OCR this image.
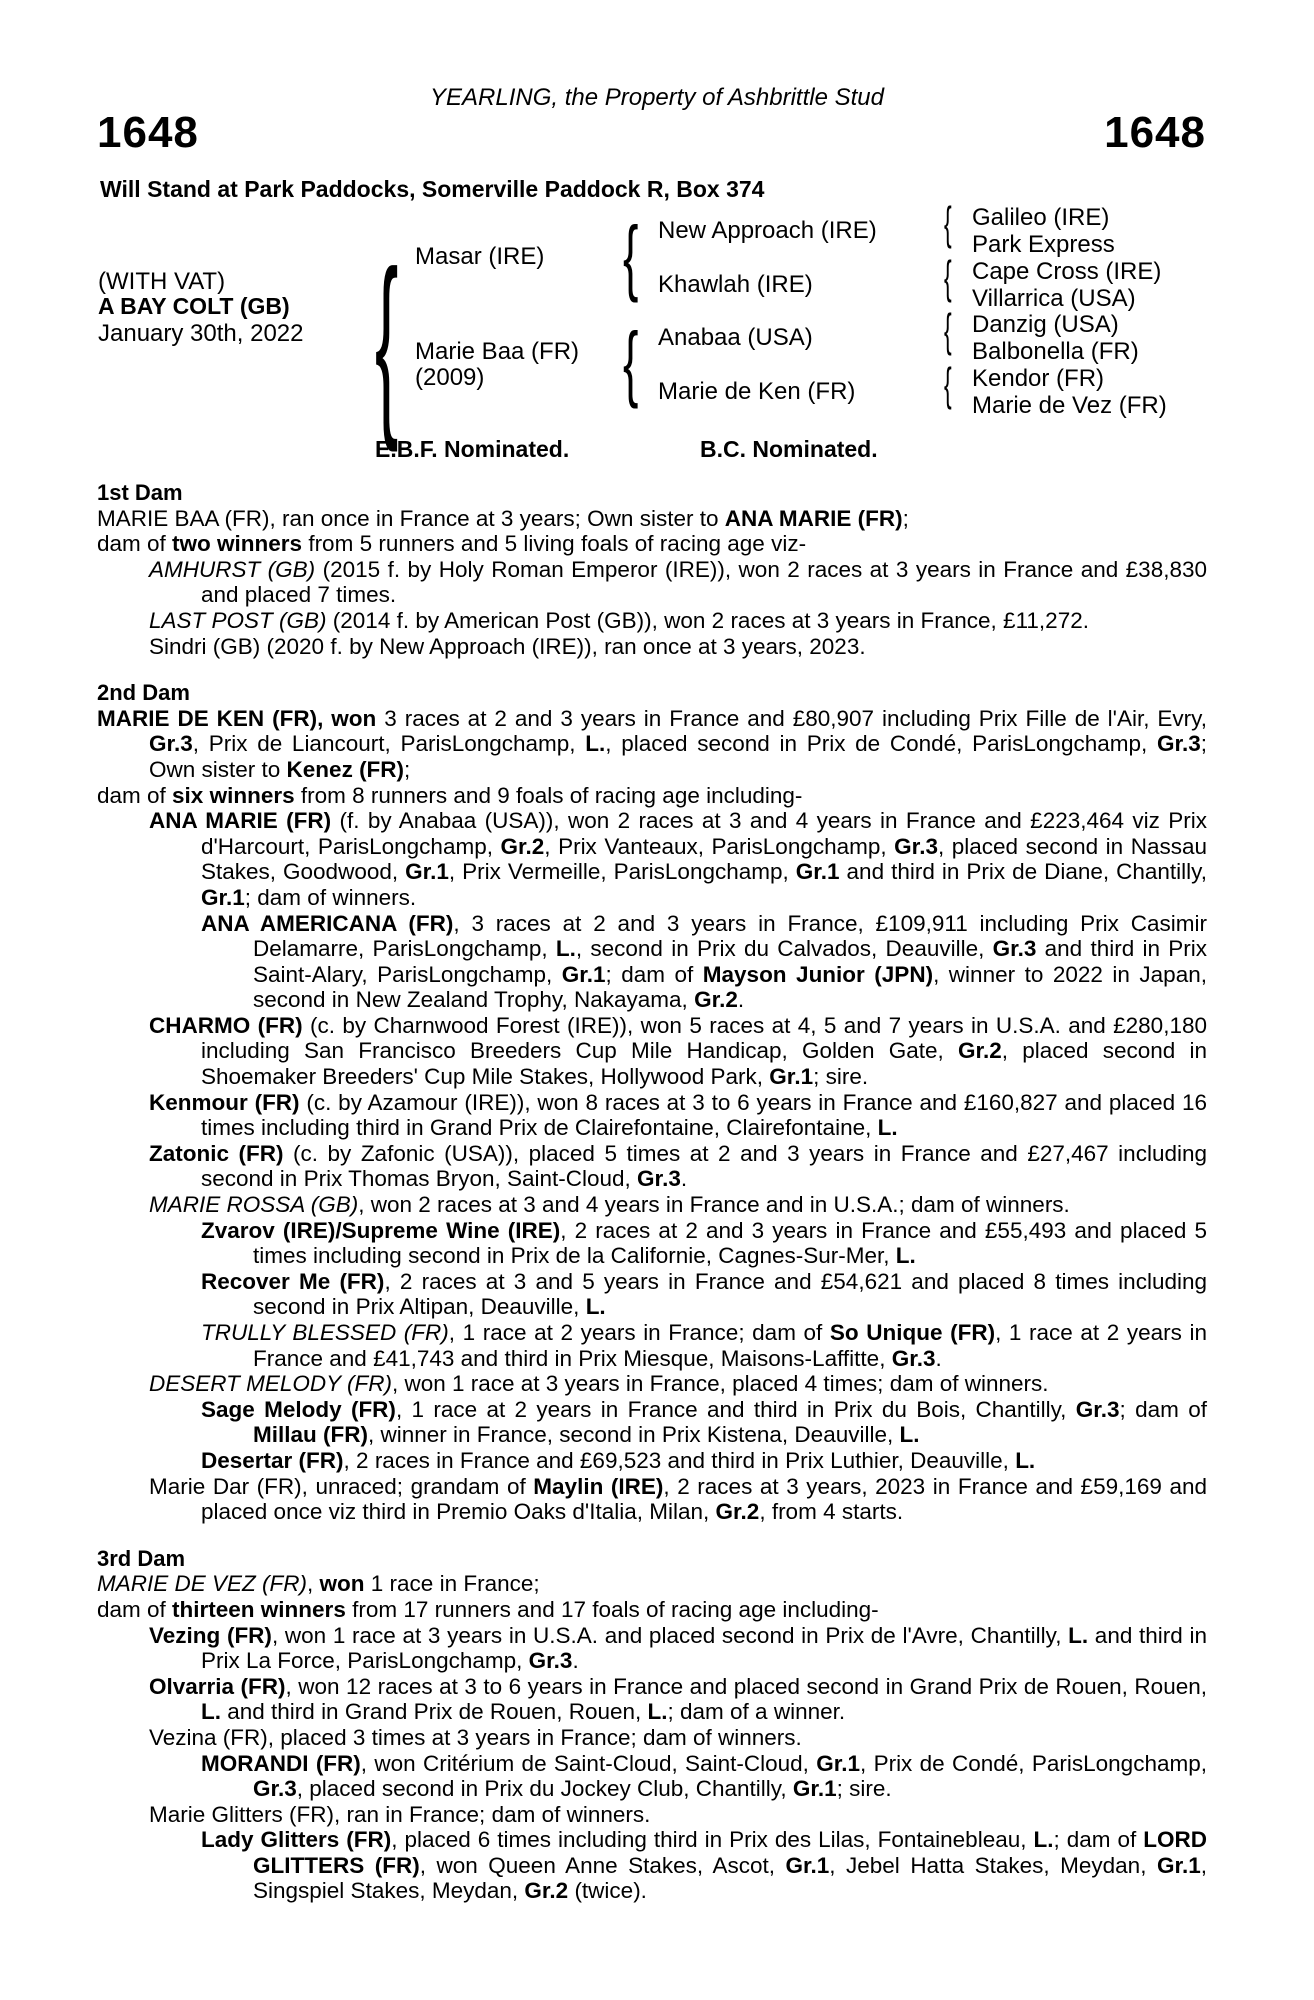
YEARLING, the Property of Ashbrittle Stud
1648	1648
Will Stand at Park Paddocks, Somerville Paddock R, Box 374
(WITH VAT)
A BAY COLT (GB)
January 30th, 2022 { Masar (IRE)
Marie Baa (FR)
(2009)
{
{
New Approach (IRE)
Khawlah (IRE)
Anabaa (USA)
Marie de Ken (FR)
{
{
{
{
Galileo (IRE)
Park Express
Cape Cross (IRE)
Villarrica (USA)
Danzig (USA)
Balbonella (FR)
Kendor (FR)
Marie de Vez (FR)
E.B.F. Nominated.	B.C. Nominated.
1st Dam
MARIE BAA (FR), ran once in France at 3 years; Own sister to ANA MARIE (FR);
dam of two winners from 5 runners and 5 living foals of racing age viz-
AMHURST (GB) (2015 f. by Holy Roman Emperor (IRE)), won 2 races at 3 years in France and £38,830 and placed 7 times.
LAST POST (GB) (2014 f. by American Post (GB)), won 2 races at 3 years in France, £11,272.
Sindri (GB) (2020 f. by New Approach (IRE)), ran once at 3 years, 2023.
2nd Dam
MARIE DE KEN (FR), won 3 races at 2 and 3 years in France and £80,907 including Prix Fille de l'Air, Evry, Gr.3, Prix de Liancourt, ParisLongchamp, L., placed second in Prix de Condé, ParisLongchamp, Gr.3; Own sister to Kenez (FR);
dam of six winners from 8 runners and 9 foals of racing age including-
ANA MARIE (FR) (f. by Anabaa (USA)), won 2 races at 3 and 4 years in France and £223,464 viz Prix d'Harcourt, ParisLongchamp, Gr.2, Prix Vanteaux, ParisLongchamp, Gr.3, placed second in Nassau Stakes, Goodwood, Gr.1, Prix Vermeille, ParisLongchamp, Gr.1 and third in Prix de Diane, Chantilly, Gr.1; dam of winners.
ANA AMERICANA (FR), 3 races at 2 and 3 years in France, £109,911 including Prix Casimir Delamarre, ParisLongchamp, L., second in Prix du Calvados, Deauville, Gr.3 and third in Prix Saint-Alary, ParisLongchamp, Gr.1; dam of Mayson Junior (JPN), winner to 2022 in Japan, second in New Zealand Trophy, Nakayama, Gr.2.
CHARMO (FR) (c. by Charnwood Forest (IRE)), won 5 races at 4, 5 and 7 years in U.S.A. and £280,180 including San Francisco Breeders Cup Mile Handicap, Golden Gate, Gr.2, placed second in Shoemaker Breeders' Cup Mile Stakes, Hollywood Park, Gr.1; sire.
Kenmour (FR) (c. by Azamour (IRE)), won 8 races at 3 to 6 years in France and £160,827 and placed 16 times including third in Grand Prix de Clairefontaine, Clairefontaine, L.
Zatonic (FR) (c. by Zafonic (USA)), placed 5 times at 2 and 3 years in France and £27,467 including second in Prix Thomas Bryon, Saint-Cloud, Gr.3.
MARIE ROSSA (GB), won 2 races at 3 and 4 years in France and in U.S.A.; dam of winners.
Zvarov (IRE)/Supreme Wine (IRE), 2 races at 2 and 3 years in France and £55,493 and placed 5 times including second in Prix de la Californie, Cagnes-Sur-Mer, L.
Recover Me (FR), 2 races at 3 and 5 years in France and £54,621 and placed 8 times including second in Prix Altipan, Deauville, L.
TRULLY BLESSED (FR), 1 race at 2 years in France; dam of So Unique (FR), 1 race at 2 years in France and £41,743 and third in Prix Miesque, Maisons-Laffitte, Gr.3.
DESERT MELODY (FR), won 1 race at 3 years in France, placed 4 times; dam of winners.
Sage Melody (FR), 1 race at 2 years in France and third in Prix du Bois, Chantilly, Gr.3; dam of Millau (FR), winner in France, second in Prix Kistena, Deauville, L.
Desertar (FR), 2 races in France and £69,523 and third in Prix Luthier, Deauville, L.
Marie Dar (FR), unraced; grandam of Maylin (IRE), 2 races at 3 years, 2023 in France and £59,169 and placed once viz third in Premio Oaks d'Italia, Milan, Gr.2, from 4 starts.
3rd Dam
MARIE DE VEZ (FR), won 1 race in France;
dam of thirteen winners from 17 runners and 17 foals of racing age including-
Vezing (FR), won 1 race at 3 years in U.S.A. and placed second in Prix de l'Avre, Chantilly, L. and third in Prix La Force, ParisLongchamp, Gr.3.
Olvarria (FR), won 12 races at 3 to 6 years in France and placed second in Grand Prix de Rouen, Rouen, L. and third in Grand Prix de Rouen, Rouen, L.; dam of a winner.
Vezina (FR), placed 3 times at 3 years in France; dam of winners.
MORANDI (FR), won Critérium de Saint-Cloud, Saint-Cloud, Gr.1, Prix de Condé, ParisLongchamp, Gr.3, placed second in Prix du Jockey Club, Chantilly, Gr.1; sire.
Marie Glitters (FR), ran in France; dam of winners.
Lady Glitters (FR), placed 6 times including third in Prix des Lilas, Fontainebleau, L.; dam of LORD GLITTERS (FR), won Queen Anne Stakes, Ascot, Gr.1, Jebel Hatta Stakes, Meydan, Gr.1, Singspiel Stakes, Meydan, Gr.2 (twice).
